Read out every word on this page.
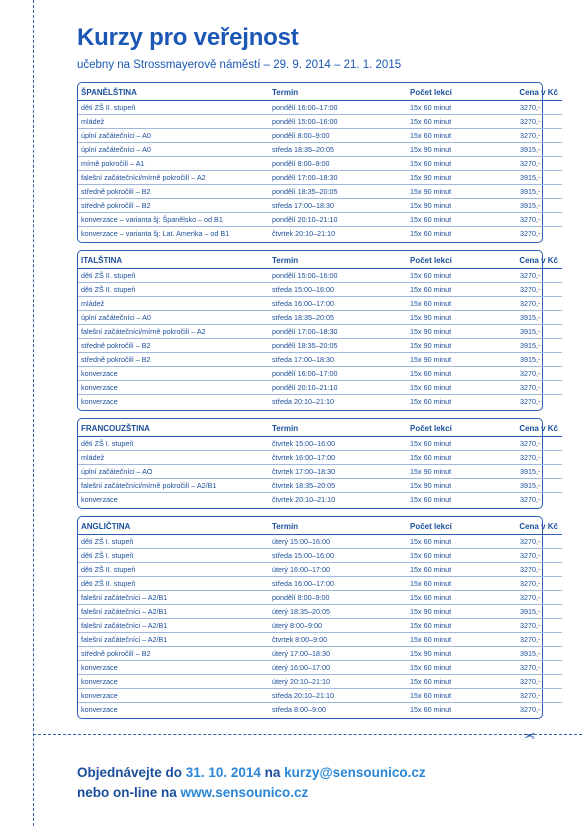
✂
Kurzy pro veřejnost
učebny na Strossmayerově náměstí – 29. 9. 2014 – 21. 1. 2015
ŠPANĚLŠTINA	Termín	Počet lekcí	Cena v Kč
děti ZŠ II. stupeň	pondělí 16:00–17:00	15x 60 minut	3270,-
mládež	pondělí 15:00–16:00	15x 60 minut	3270,-
úplní začátečníci – A0	pondělí 8:00–9:00	15x 60 minut	3270,-
úplní začátečníci – A0	středa 18:35–20:05	15x 90 minut	3915,-
mírně pokročilí – A1	pondělí 8:00–9:00	15x 60 minut	3270,-
falešní začátečníci/mírně pokročilí – A2	pondělí 17:00–18:30	15x 90 minut	3915,-
středně pokročilí – B2	pondělí 18:35–20:05	15x 90 minut	3915,-
středně pokročilí – B2	středa 17:00–18:30	15x 90 minut	3915,-
konverzace – varianta šj: Španělsko – od B1	pondělí 20:10–21:10	15x 60 minut	3270,-
konverzace – varianta šj: Lat. Amerika – od B1	čtvrtek 20:10–21:10	15x 60 minut	3270,-
ITALŠTINA	Termín	Počet lekcí	Cena v Kč
děti ZŠ II. stupeň	pondělí 15:00–16:00	15x 60 minut	3270,-
děti ZŠ II. stupeň	středa 15:00–16:00	15x 60 minut	3270,-
mládež	středa 16:00–17:00	15x 60 minut	3270,-
úplní začátečníci – A0	středa 18:35–20:05	15x 90 minut	3915,-
falešní začátečníci/mírně pokročilí – A2	pondělí 17:00–18:30	15x 90 minut	3915,-
středně pokročilí – B2	pondělí 18:35–20:05	15x 90 minut	3915,-
středně pokročilí – B2	středa 17:00–18:30	15x 90 minut	3915,-
konverzace	pondělí 16:00–17:00	15x 60 minut	3270,-
konverzace	pondělí 20:10–21:10	15x 60 minut	3270,-
konverzace	středa 20:10–21:10	15x 60 minut	3270,-
FRANCOUZŠTINA	Termín	Počet lekcí	Cena v Kč
děti ZŠ I. stupeň	čtvrtek 15:00–16:00	15x 60 minut	3270,-
mládež	čtvrtek 16:00–17:00	15x 60 minut	3270,-
úplní začátečníci – AO	čtvrtek 17:00–18:30	15x 90 minut	3915,-
falešní začátečníci/mírně pokročilí – A2/B1	čtvrtek 18:35–20:05	15x 90 minut	3915,-
konverzace	čtvrtek 20:10–21:10	15x 60 minut	3270,-
ANGLIČTINA	Termín	Počet lekcí	Cena v Kč
děti ZŠ I. stupeň	úterý 15:00–16:00	15x 60 minut	3270,-
děti ZŠ I. stupeň	středa 15:00–16:00	15x 60 minut	3270,-
děti ZŠ II. stupeň	úterý 16:00–17:00	15x 60 minut	3270,-
děti ZŠ II. stupeň	středa 16:00–17:00	15x 60 minut	3270,-
falešní začátečníci – A2/B1	pondělí 8:00–9:00	15x 60 minut	3270,-
falešní začátečníci – A2/B1	úterý 18:35–20:05	15x 90 minut	3915,-
falešní začátečníci – A2/B1	úterý 8:00–9:00	15x 60 minut	3270,-
falešní začátečníci – A2/B1	čtvrtek 8:00–9:00	15x 60 minut	3270,-
středně pokročilí – B2	úterý 17:00–18:30	15x 90 minut	3915,-
konverzace	úterý 16:00–17:00	15x 60 minut	3270,-
konverzace	úterý 20:10–21:10	15x 60 minut	3270,-
konverzace	středa 20:10–21:10	15x 60 minut	3270,-
konverzace	středa 8:00–9:00	15x 60 minut	3270,-
Objednávejte do 31. 10. 2014 na kurzy@sensounico.cz
nebo on-line na www.sensounico.cz
